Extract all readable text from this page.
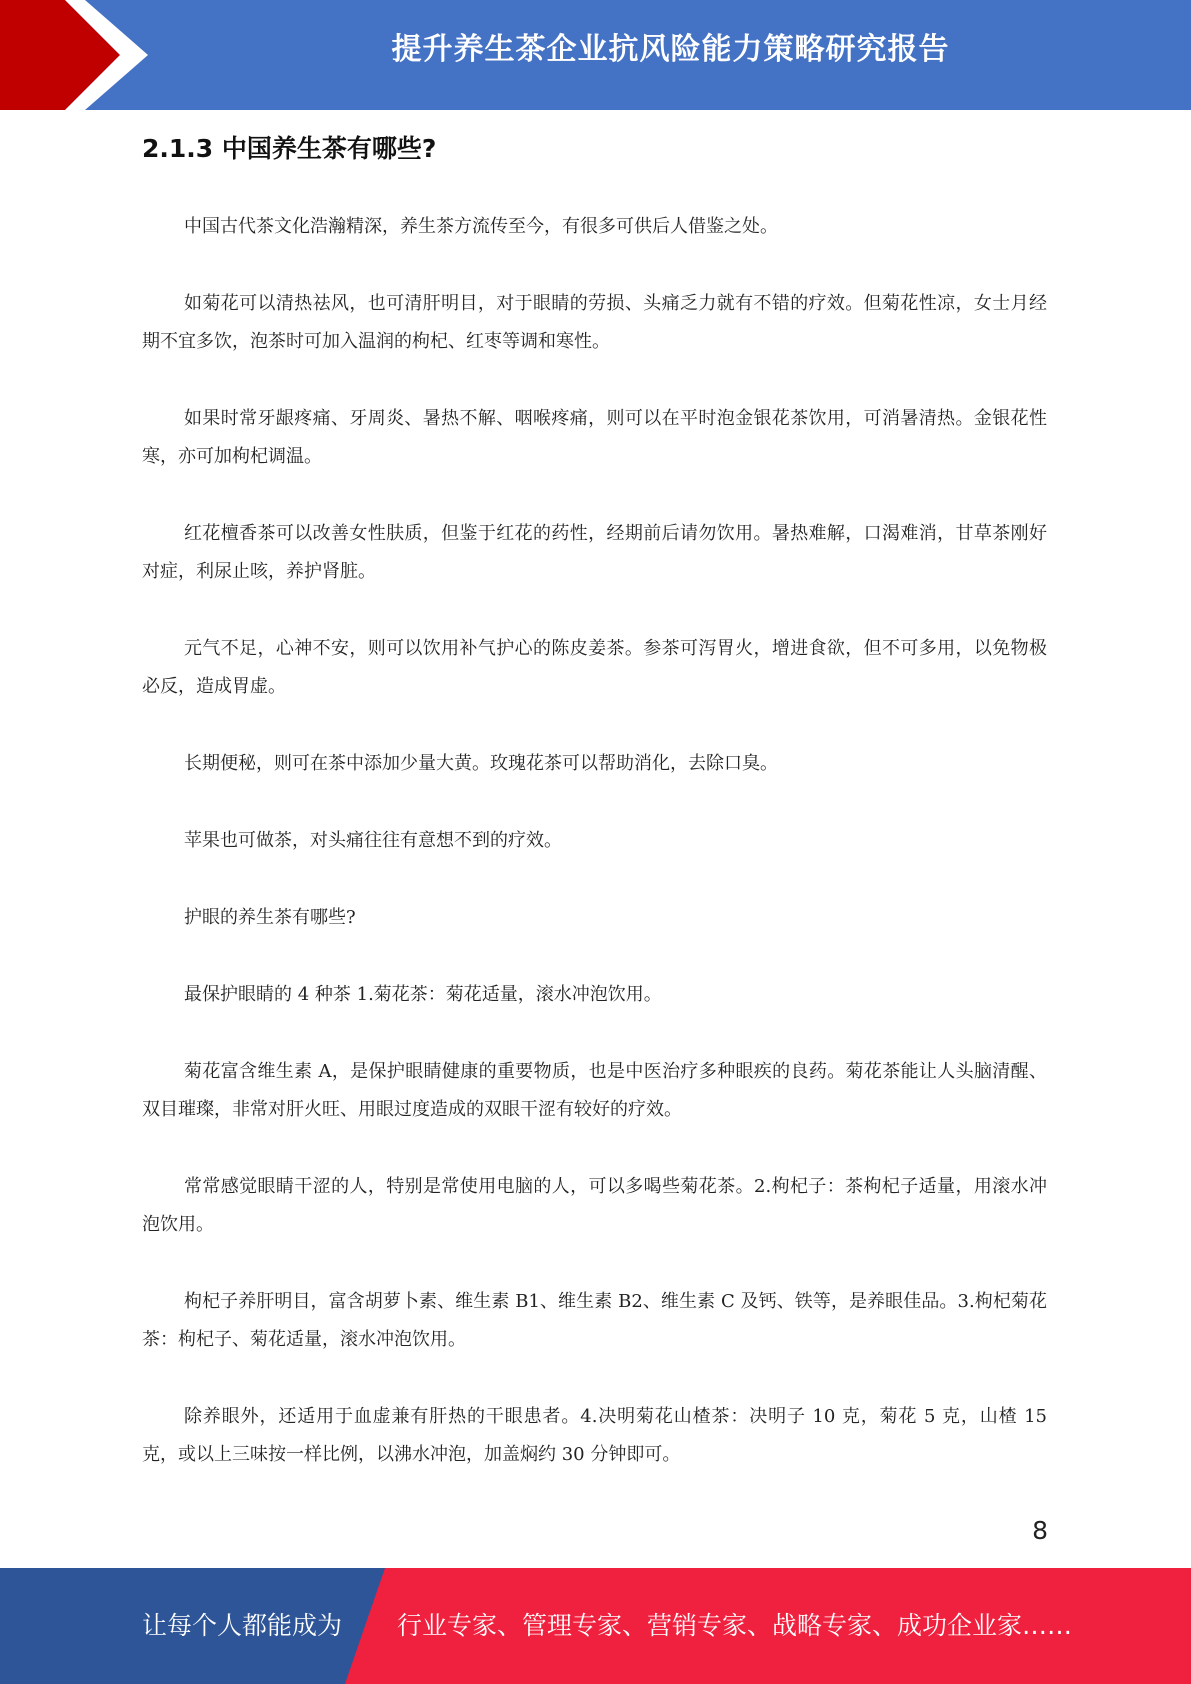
提升养生茶企业抗风险能力策略研究报告
2.1.3 中国养生茶有哪些?

中国古代茶文化浩瀚精深，养生茶方流传至今，有很多可供后人借鉴之处。

如菊花可以清热祛风，也可清肝明目，对于眼睛的劳损、头痛乏力就有不错的疗效。但菊花性凉，女士月经期不宜多饮，泡茶时可加入温润的枸杞、红枣等调和寒性。

如果时常牙龈疼痛、牙周炎、暑热不解、咽喉疼痛，则可以在平时泡金银花茶饮用，可消暑清热。金银花性寒，亦可加枸杞调温。

红花檀香茶可以改善女性肤质，但鉴于红花的药性，经期前后请勿饮用。暑热难解，口渴难消，甘草茶刚好对症，利尿止咳，养护肾脏。

元气不足，心神不安，则可以饮用补气护心的陈皮姜茶。参茶可泻胃火，增进食欲，但不可多用，以免物极必反，造成胃虚。

长期便秘，则可在茶中添加少量大黄。玫瑰花茶可以帮助消化，去除口臭。

苹果也可做茶，对头痛往往有意想不到的疗效。

护眼的养生茶有哪些?

最保护眼睛的 4 种茶 1.菊花茶：菊花适量，滚水冲泡饮用。

菊花富含维生素 A，是保护眼睛健康的重要物质，也是中医治疗多种眼疾的良药。菊花茶能让人头脑清醒、双目璀璨，非常对肝火旺、用眼过度造成的双眼干涩有较好的疗效。

常常感觉眼睛干涩的人，特别是常使用电脑的人，可以多喝些菊花茶。2.枸杞子：茶枸杞子适量，用滚水冲泡饮用。

枸杞子养肝明目，富含胡萝卜素、维生素 B1、维生素 B2、维生素 C 及钙、铁等，是养眼佳品。3.枸杞菊花茶：枸杞子、菊花适量，滚水冲泡饮用。

除养眼外，还适用于血虚兼有肝热的干眼患者。4.决明菊花山楂茶：决明子 10 克，菊花 5 克，山楂 15 克，或以上三味按一样比例，以沸水冲泡，加盖焖约 30 分钟即可。

8
让每个人都能成为 行业专家、管理专家、营销专家、战略专家、成功企业家……
